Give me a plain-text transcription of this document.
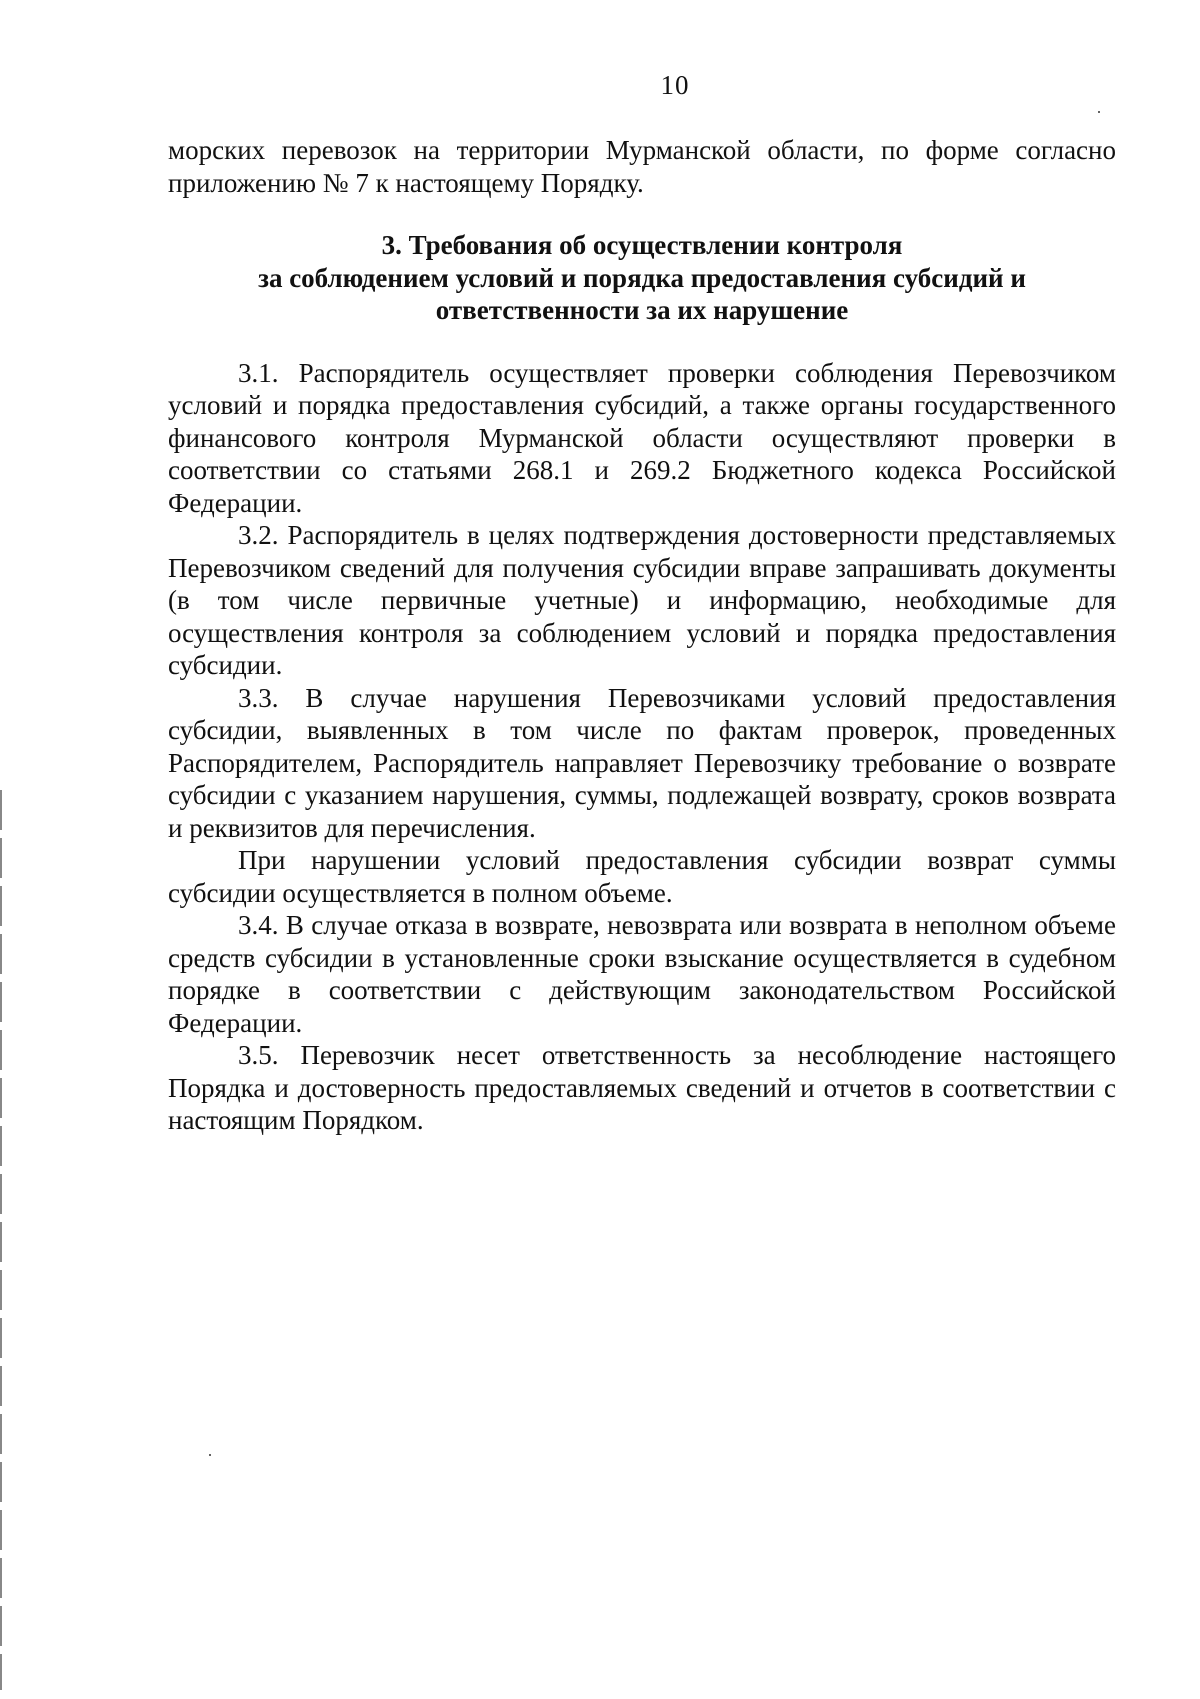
10

морских перевозок на территории Мурманской области, по форме согласно приложению № 7 к настоящему Порядку.

3. Требования об осуществлении контроля
за соблюдением условий и порядка предоставления субсидий и
ответственности за их нарушение

3.1. Распорядитель осуществляет проверки соблюдения Перевозчиком условий и порядка предоставления субсидий, а также органы государственного финансового контроля Мурманской области осуществляют проверки в соответствии со статьями 268.1 и 269.2 Бюджетного кодекса Российской Федерации.

3.2. Распорядитель в целях подтверждения достоверности представляемых Перевозчиком сведений для получения субсидии вправе запрашивать документы (в том числе первичные учетные) и информацию, необходимые для осуществления контроля за соблюдением условий и порядка предоставления субсидии.

3.3. В случае нарушения Перевозчиками условий предоставления субсидии, выявленных в том числе по фактам проверок, проведенных Распорядителем, Распорядитель направляет Перевозчику требование о возврате субсидии с указанием нарушения, суммы, подлежащей возврату, сроков возврата и реквизитов для перечисления.

При нарушении условий предоставления субсидии возврат суммы субсидии осуществляется в полном объеме.

3.4. В случае отказа в возврате, невозврата или возврата в неполном объеме средств субсидии в установленные сроки взыскание осуществляется в судебном порядке в соответствии с действующим законодательством Российской Федерации.

3.5. Перевозчик несет ответственность за несоблюдение настоящего Порядка и достоверность предоставляемых сведений и отчетов в соответствии с настоящим Порядком.
